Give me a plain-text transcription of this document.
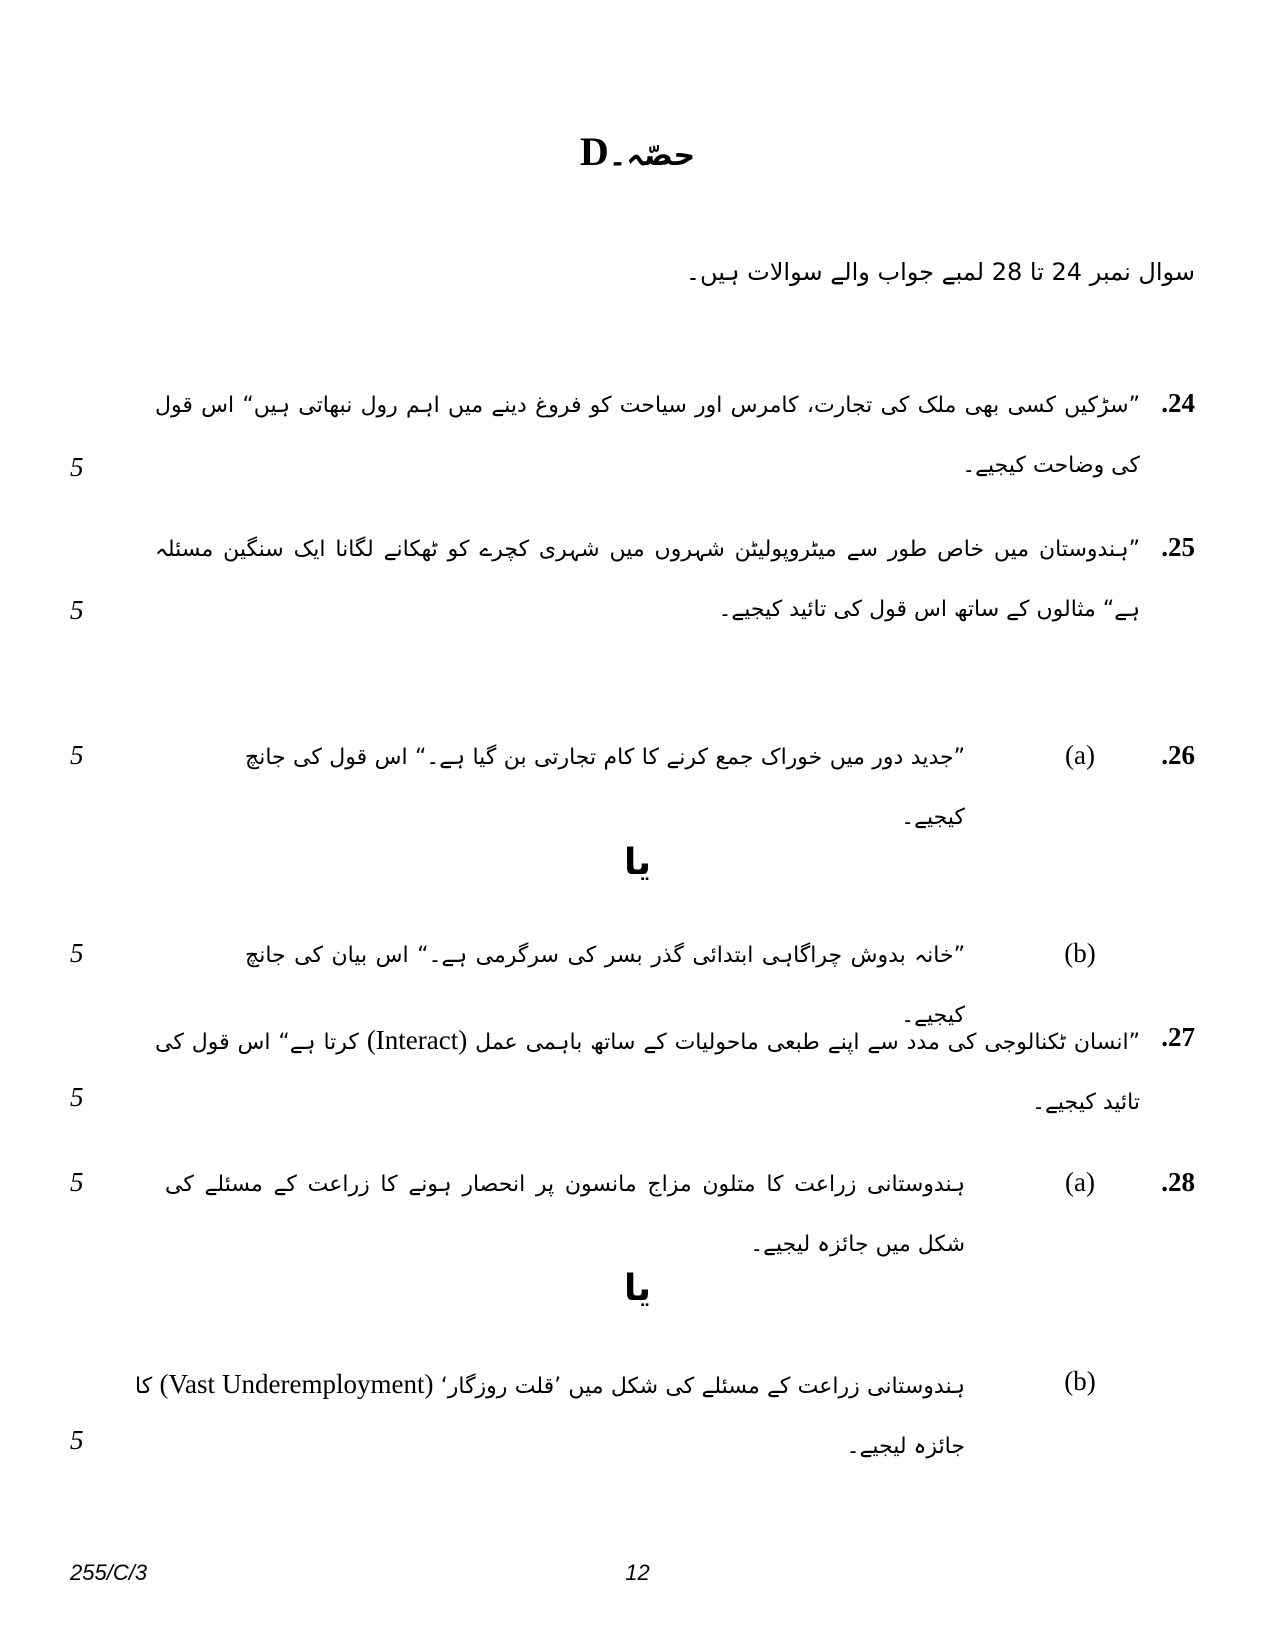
حصّہ۔D
سوال نمبر 24 تا 28 لمبے جواب والے سوالات ہیں۔
.24
”سڑکیں کسی بھی ملک کی تجارت، کامرس اور سیاحت کو فروغ دینے میں اہم رول نبھاتی ہیں“ اس قول کی وضاحت کیجیے۔
5
.25
”ہندوستان میں خاص طور سے میٹروپولیٹن شہروں میں شہری کچرے کو ٹھکانے لگانا ایک سنگین مسئلہ ہے“ مثالوں کے ساتھ اس قول کی تائید کیجیے۔
5
.26
(a)
”جدید دور میں خوراک جمع کرنے کا کام تجارتی بن گیا ہے۔“ اس قول کی جانچ کیجیے۔
5
یا
(b)
”خانہ بدوش چراگاہی ابتدائی گذر بسر کی سرگرمی ہے۔“ اس بیان کی جانچ کیجیے۔
5
.27
”انسان ٹکنالوجی کی مدد سے اپنے طبعی ماحولیات کے ساتھ باہمی عمل (Interact) کرتا ہے“ اس قول کی تائید کیجیے۔
5
.28
(a)
ہندوستانی زراعت کا متلون مزاج مانسون پر انحصار ہونے کا زراعت کے مسئلے کی شکل میں جائزہ لیجیے۔
5
یا
(b)
ہندوستانی زراعت کے مسئلے کی شکل میں ’قلت روزگار‘ (Vast Underemployment) کا جائزہ لیجیے۔
5
255/C/3	12
